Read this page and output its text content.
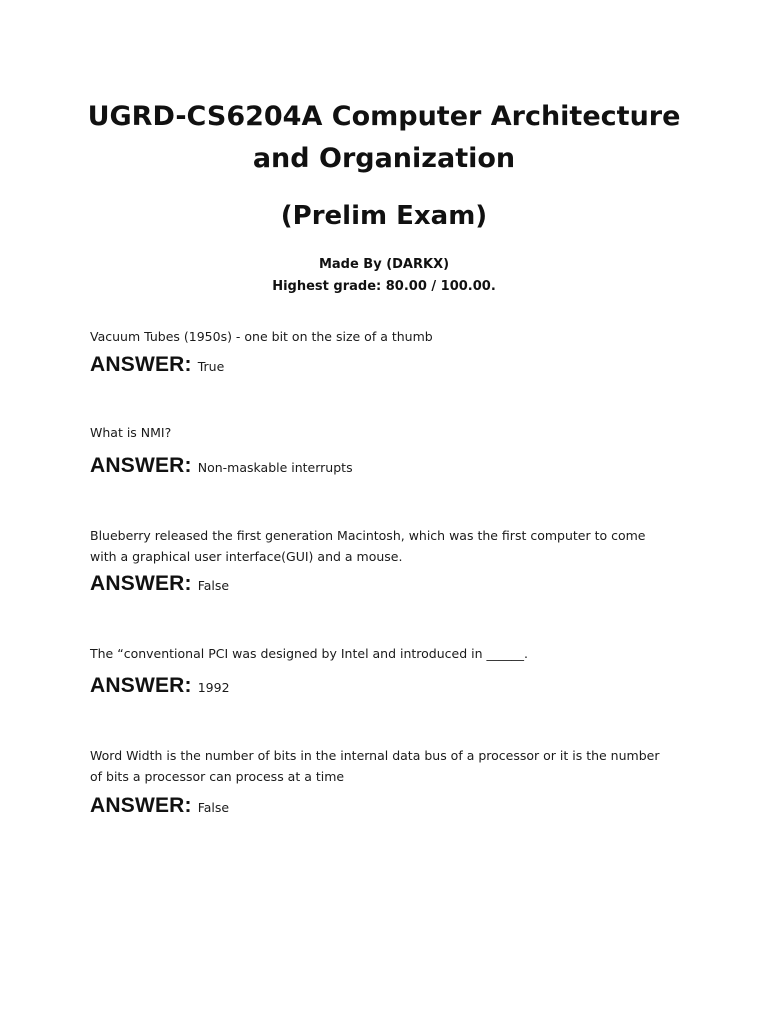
UGRD-CS6204A Computer Architecture
and Organization
(Prelim Exam)
Made By (DARKX)
Highest grade: 80.00 / 100.00.

Vacuum Tubes (1950s) - one bit on the size of a thumb

ANSWER: True

What is NMI?

ANSWER: Non-maskable interrupts

Blueberry released the first generation Macintosh, which was the first computer to come
with a graphical user interface(GUI) and a mouse.

ANSWER: False

The “conventional PCI was designed by Intel and introduced in ______.

ANSWER: 1992

Word Width is the number of bits in the internal data bus of a processor or it is the number
of bits a processor can process at a time

ANSWER: False
